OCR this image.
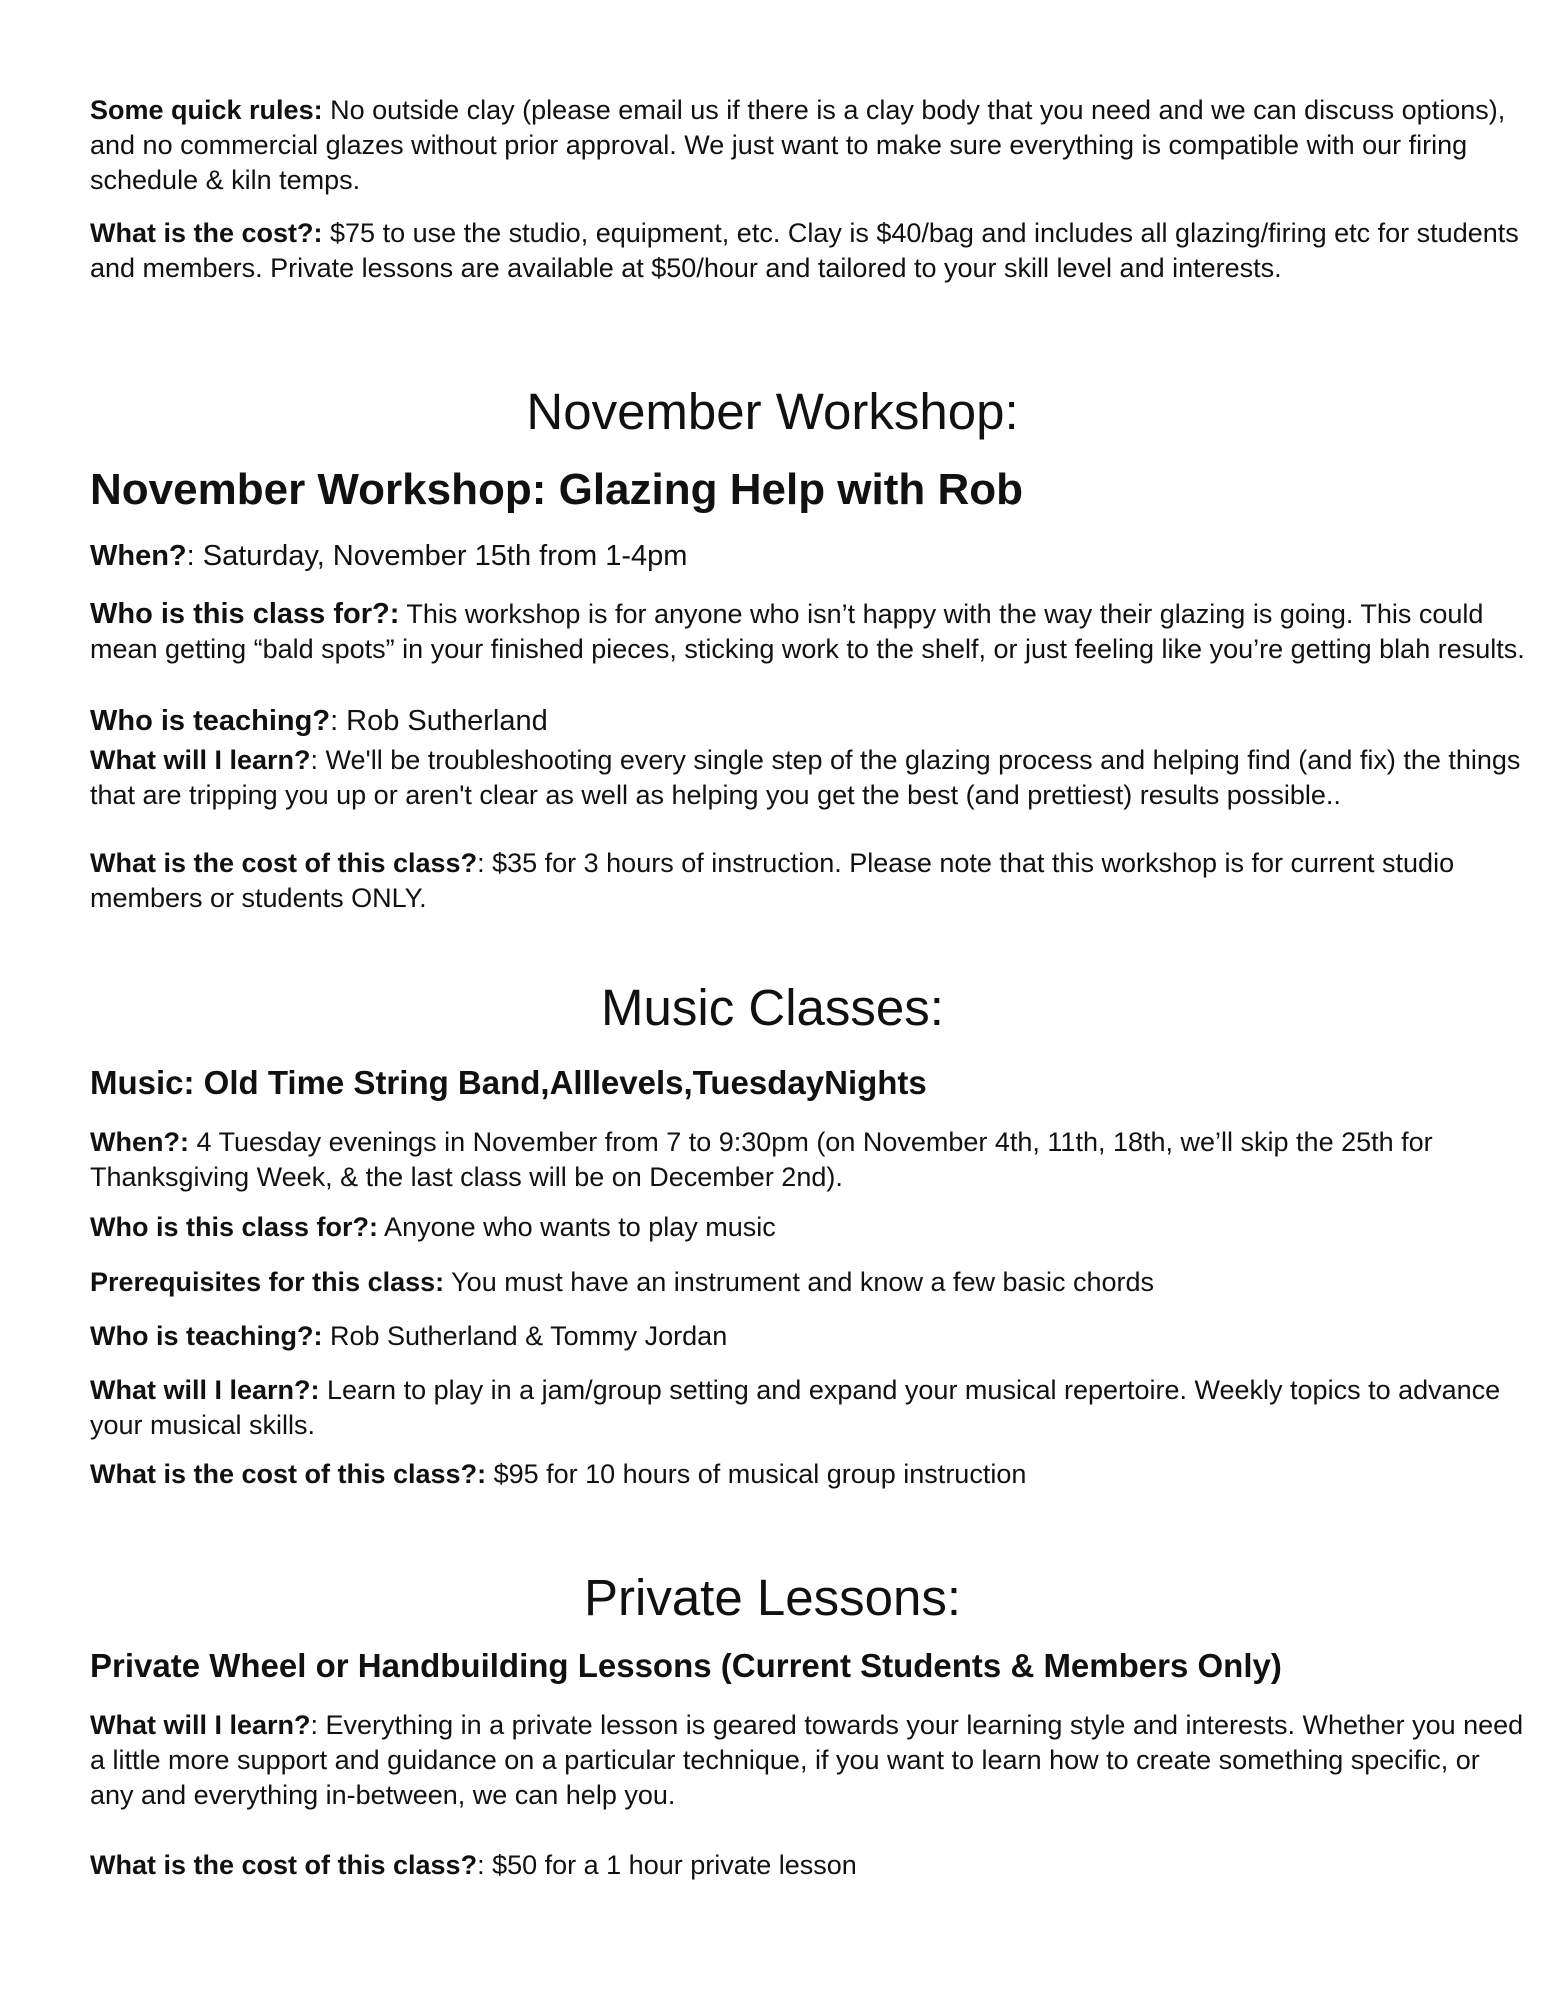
Some quick rules: No outside clay (please email us if there is a clay body that you need and we can discuss options), and no commercial glazes without prior approval. We just want to make sure everything is compatible with our firing schedule & kiln temps.

What is the cost?: $75 to use the studio, equipment, etc. Clay is $40/bag and includes all glazing/firing etc for students and members. Private lessons are available at $50/hour and tailored to your skill level and interests.

November Workshop:
November Workshop: Glazing Help with Rob

When?: Saturday, November 15th from 1-4pm

Who is this class for?: This workshop is for anyone who isn’t happy with the way their glazing is going. This could mean getting “bald spots” in your finished pieces, sticking work to the shelf, or just feeling like you’re getting blah results.

Who is teaching?: Rob Sutherland

What will I learn?: We'll be troubleshooting every single step of the glazing process and helping find (and fix) the things that are tripping you up or aren't clear as well as helping you get the best (and prettiest) results possible..

What is the cost of this class?: $35 for 3 hours of instruction. Please note that this workshop is for current studio members or students ONLY.

Music Classes:
Music: Old Time String Band,Alllevels,TuesdayNights

When?: 4 Tuesday evenings in November from 7 to 9:30pm (on November 4th, 11th, 18th, we’ll skip the 25th for Thanksgiving Week, & the last class will be on December 2nd).

Who is this class for?: Anyone who wants to play music

Prerequisites for this class: You must have an instrument and know a few basic chords

Who is teaching?: Rob Sutherland & Tommy Jordan

What will I learn?: Learn to play in a jam/group setting and expand your musical repertoire. Weekly topics to advance your musical skills.

What is the cost of this class?: $95 for 10 hours of musical group instruction

Private Lessons:
Private Wheel or Handbuilding Lessons (Current Students & Members Only)

What will I learn?: Everything in a private lesson is geared towards your learning style and interests. Whether you need a little more support and guidance on a particular technique, if you want to learn how to create something specific, or any and everything in-between, we can help you.

What is the cost of this class?: $50 for a 1 hour private lesson
